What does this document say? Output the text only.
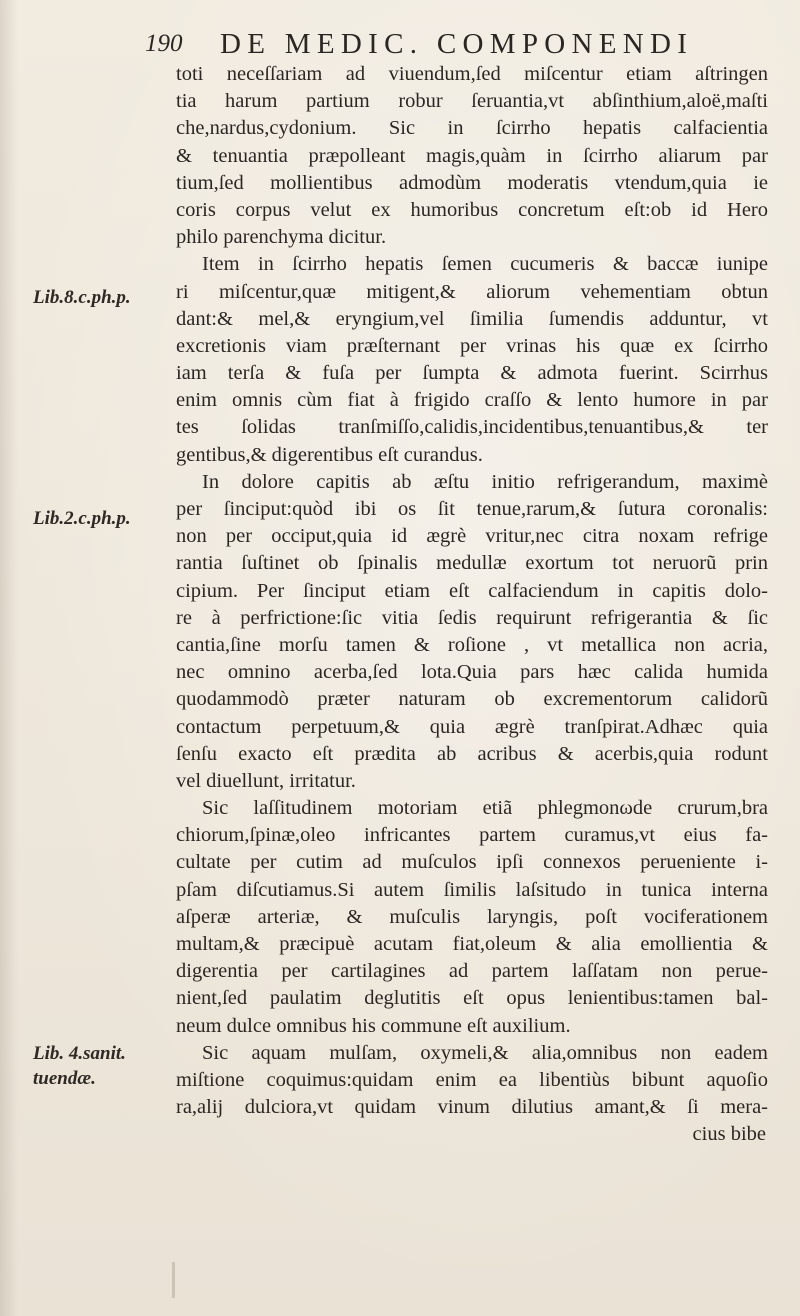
190 DE MEDIC. COMPONENDI
Lib.8.c.ph.p.
Lib.2.c.ph.p.
Lib. 4.sanit.
tuendæ.
toti neceſſariam ad viuendum,ſed miſcentur etiam aſtringen
tia harum partium robur ſeruantia,vt abſinthium,aloë,maſti
che,nardus,cydonium. Sic in ſcirrho hepatis calfacientia
& tenuantia præpolleant magis,quàm in ſcirrho aliarum par
tium,ſed mollientibus admodùm moderatis vtendum,quia ie
coris corpus velut ex humoribus concretum eſt:ob id Hero
philo parenchyma dicitur.
Item in ſcirrho hepatis ſemen cucumeris & baccæ iunipe
ri miſcentur,quæ mitigent,& aliorum vehementiam obtun
dant:& mel,& eryngium,vel ſimilia ſumendis adduntur, vt
excretionis viam præſternant per vrinas his quæ ex ſcirrho
iam terſa & fuſa per ſumpta & admota fuerint. Scirrhus
enim omnis cùm fiat à frigido craſſo & lento humore in par
tes ſolidas tranſmiſſo,calidis,incidentibus,tenuantibus,& ter
gentibus,& digerentibus eſt curandus.
In dolore capitis ab æſtu initio refrigerandum, maximè
per ſinciput:quòd ibi os ſit tenue,rarum,& ſutura coronalis:
non per occiput,quia id ægrè vritur,nec citra noxam refrige
rantia ſuſtinet ob ſpinalis medullæ exortum tot neruorũ prin
cipium. Per ſinciput etiam eſt calfaciendum in capitis dolo-
re à perfrictione:ſic vitia ſedis requirunt refrigerantia & ſic
cantia,ſine morſu tamen & roſione , vt metallica non acria,
nec omnino acerba,ſed lota.Quia pars hæc calida humida
quodammodò præter naturam ob excrementorum calidorũ
contactum perpetuum,& quia ægrè tranſpirat.Adhæc quia
ſenſu exacto eſt prædita ab acribus & acerbis,quia rodunt
vel diuellunt, irritatur.
Sic laſſitudinem motoriam etiã phlegmonωde crurum,bra
chiorum,ſpinæ,oleo infricantes partem curamus,vt eius fa-
cultate per cutim ad muſculos ipſi connexos perueniente i-
pſam diſcutiamus.Si autem ſimilis laſsitudo in tunica interna
aſperæ arteriæ, & muſculis laryngis, poſt vociferationem
multam,& præcipuè acutam fiat,oleum & alia emollientia &
digerentia per cartilagines ad partem laſſatam non perue-
nient,ſed paulatim deglutitis eſt opus lenientibus:tamen bal-
neum dulce omnibus his commune eſt auxilium.
Sic aquam mulſam, oxymeli,& alia,omnibus non eadem
miſtione coquimus:quidam enim ea libentiùs bibunt aquoſio
ra,alij dulciora,vt quidam vinum dilutius amant,& ſi mera-
cius bibe
